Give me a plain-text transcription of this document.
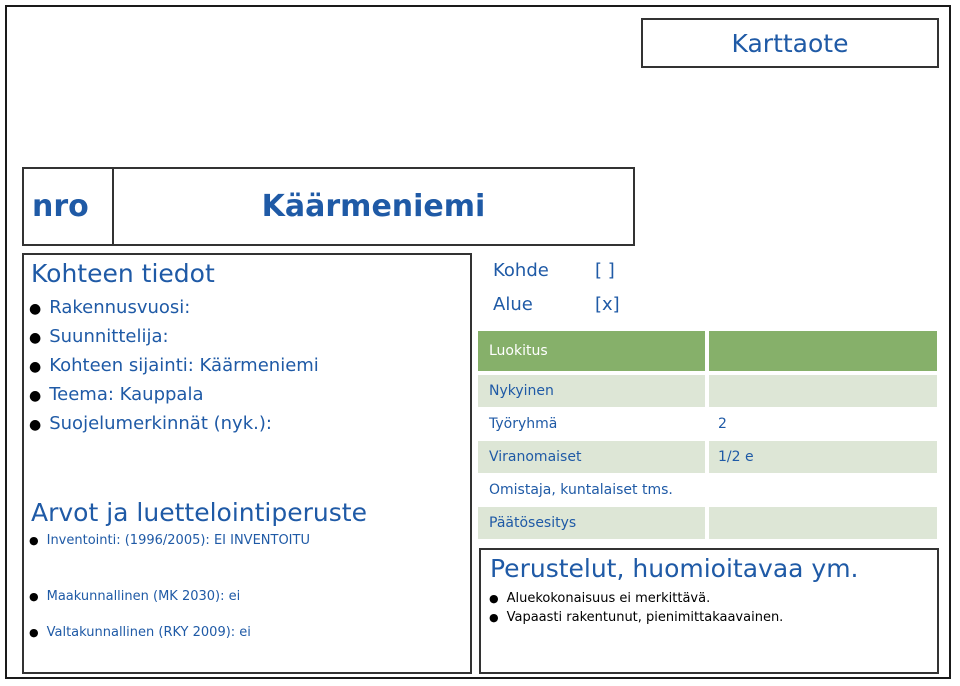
Karttaote
nro	Käärmeniemi
Kohteen tiedot
● Rakennusvuosi:
● Suunnittelija:
● Kohteen sijainti: Käärmeniemi
● Teema: Kauppala
● Suojelumerkinnät (nyk.):
Arvot ja luettelointiperuste
● Inventointi: (1996/2005): EI INVENTOITU
● Maakunnallinen (MK 2030): ei
● Valtakunnallinen (RKY 2009): ei
Kohde	[ ]
Alue	[x]
Luokitus
Nykyinen
Työryhmä	2
Viranomaiset	1/2 e
Omistaja, kuntalaiset tms.
Päätösesitys
Perustelut, huomioitavaa ym.
● Aluekokonaisuus ei merkittävä.
● Vapaasti rakentunut, pienimittakaavainen.
